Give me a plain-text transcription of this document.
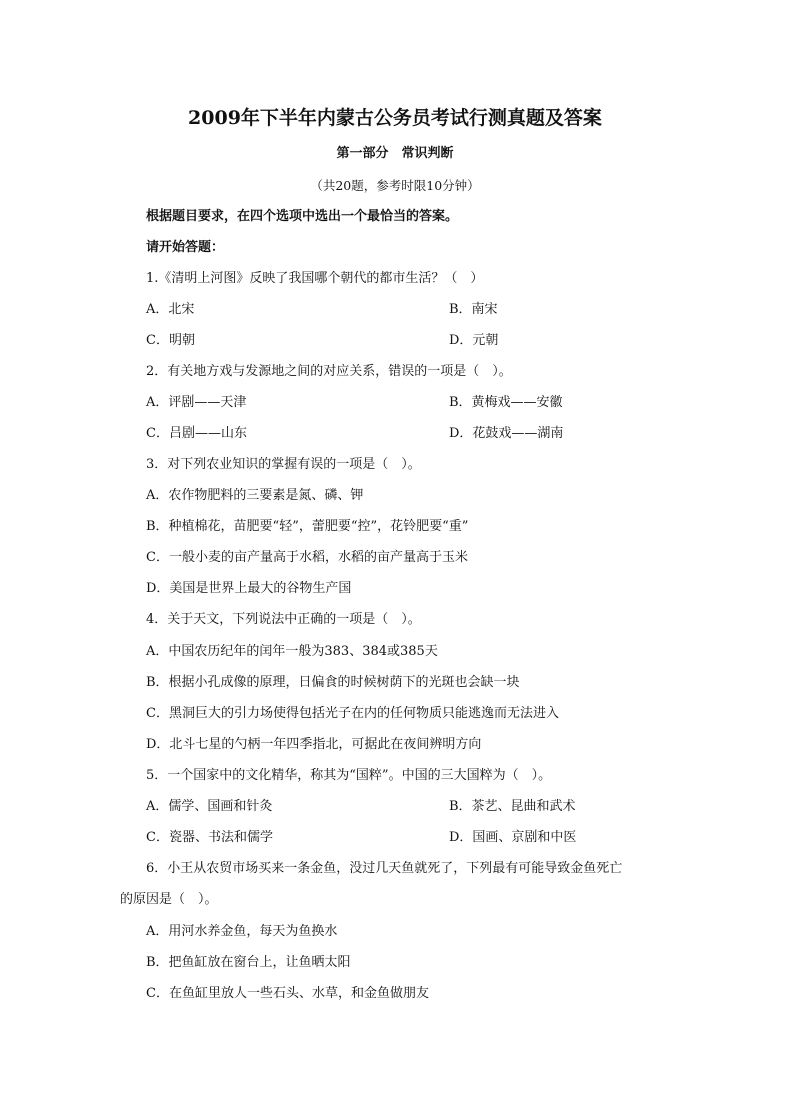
2009年下半年内蒙古公务员考试行测真题及答案
第一部分　常识判断
（共20题，参考时限10分钟）
根据题目要求，在四个选项中选出一个最恰当的答案。
请开始答题：
1.《清明上河图》反映了我国哪个朝代的都市生活？（　）
A．北宋	B．南宋
C．明朝	D．元朝
2．有关地方戏与发源地之间的对应关系，错误的一项是（　）。
A．评剧——天津	B．黄梅戏——安徽
C．吕剧——山东	D．花鼓戏——湖南
3．对下列农业知识的掌握有误的一项是（　）。
A．农作物肥料的三要素是氮、磷、钾
B．种植棉花，苗肥要“轻”，蕾肥要“控”，花铃肥要“重”
C．一般小麦的亩产量高于水稻，水稻的亩产量高于玉米
D．美国是世界上最大的谷物生产国
4．关于天文，下列说法中正确的一项是（　）。
A．中国农历纪年的闰年一般为383、384或385天
B．根据小孔成像的原理，日偏食的时候树荫下的光斑也会缺一块
C．黑洞巨大的引力场使得包括光子在内的任何物质只能逃逸而无法进入
D．北斗七星的勺柄一年四季指北，可据此在夜间辨明方向
5．一个国家中的文化精华，称其为“国粹”。中国的三大国粹为（　）。
A．儒学、国画和针灸	B．茶艺、昆曲和武术
C．瓷器、书法和儒学	D．国画、京剧和中医
6．小王从农贸市场买来一条金鱼，没过几天鱼就死了，下列最有可能导致金鱼死亡
的原因是（　）。
A．用河水养金鱼，每天为鱼换水
B．把鱼缸放在窗台上，让鱼晒太阳
C．在鱼缸里放人一些石头、水草，和金鱼做朋友
